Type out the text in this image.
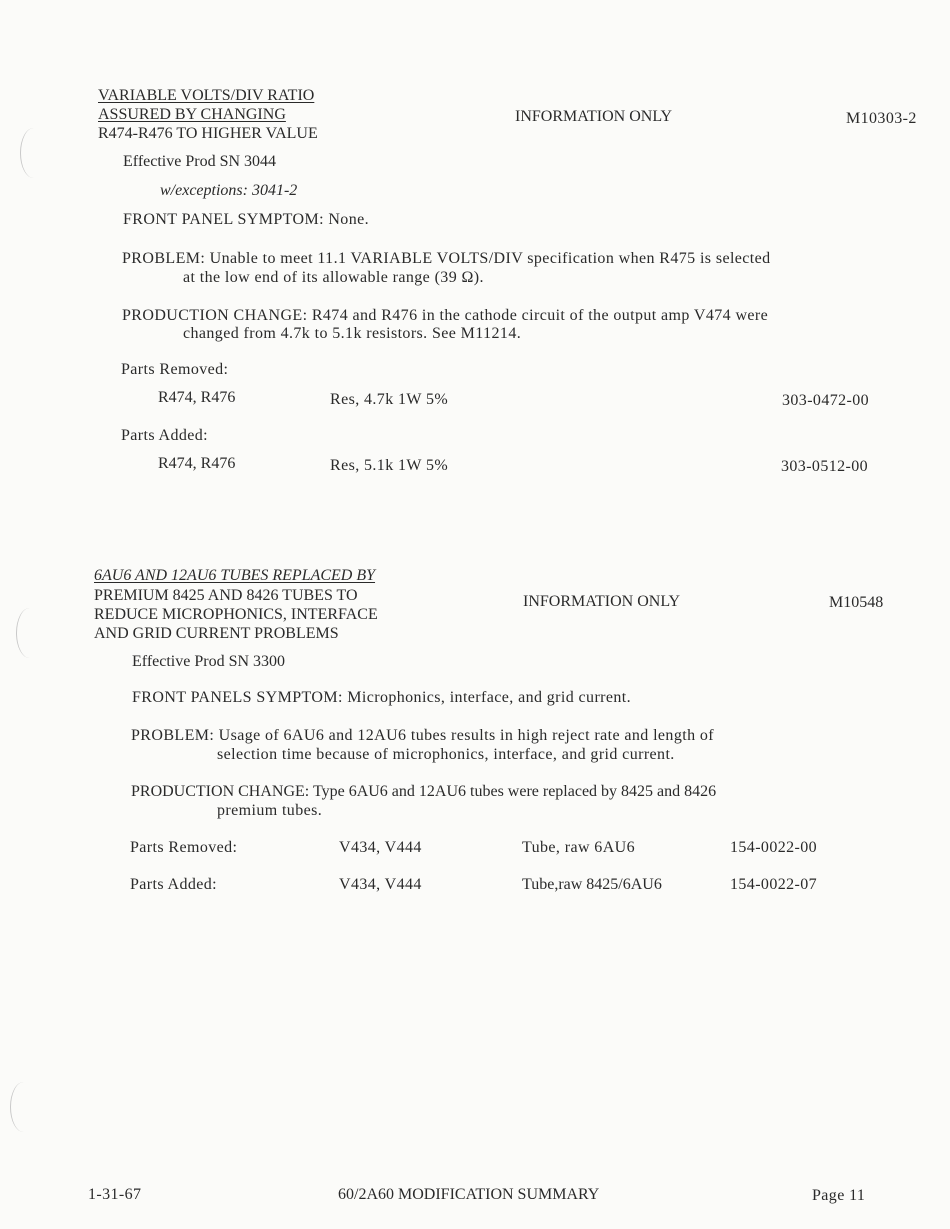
VARIABLE VOLTS/DIV RATIO
ASSURED BY CHANGING
R474-R476 TO HIGHER VALUE
INFORMATION ONLY	M10303-2
Effective Prod SN 3044
w/exceptions: 3041-2
FRONT PANEL SYMPTOM: None.
PROBLEM: Unable to meet 11.1 VARIABLE VOLTS/DIV specification when R475 is selected
at the low end of its allowable range (39 Ω).
PRODUCTION CHANGE: R474 and R476 in the cathode circuit of the output amp V474 were
changed from 4.7k to 5.1k resistors. See M11214.
Parts Removed:
R474, R476	Res, 4.7k 1W 5%	303-0472-00
Parts Added:
R474, R476	Res, 5.1k 1W 5%	303-0512-00
6AU6 AND 12AU6 TUBES REPLACED BY
PREMIUM 8425 AND 8426 TUBES TO
REDUCE MICROPHONICS, INTERFACE
AND GRID CURRENT PROBLEMS
INFORMATION ONLY	M10548
Effective Prod SN 3300
FRONT PANELS SYMPTOM: Microphonics, interface, and grid current.
PROBLEM: Usage of 6AU6 and 12AU6 tubes results in high reject rate and length of
selection time because of microphonics, interface, and grid current.
PRODUCTION CHANGE: Type 6AU6 and 12AU6 tubes were replaced by 8425 and 8426
premium tubes.
Parts Removed:	V434, V444	Tube, raw 6AU6	154-0022-00
Parts Added:	V434, V444	Tube,raw 8425/6AU6	154-0022-07
1-31-67	60/2A60 MODIFICATION SUMMARY	Page 11
